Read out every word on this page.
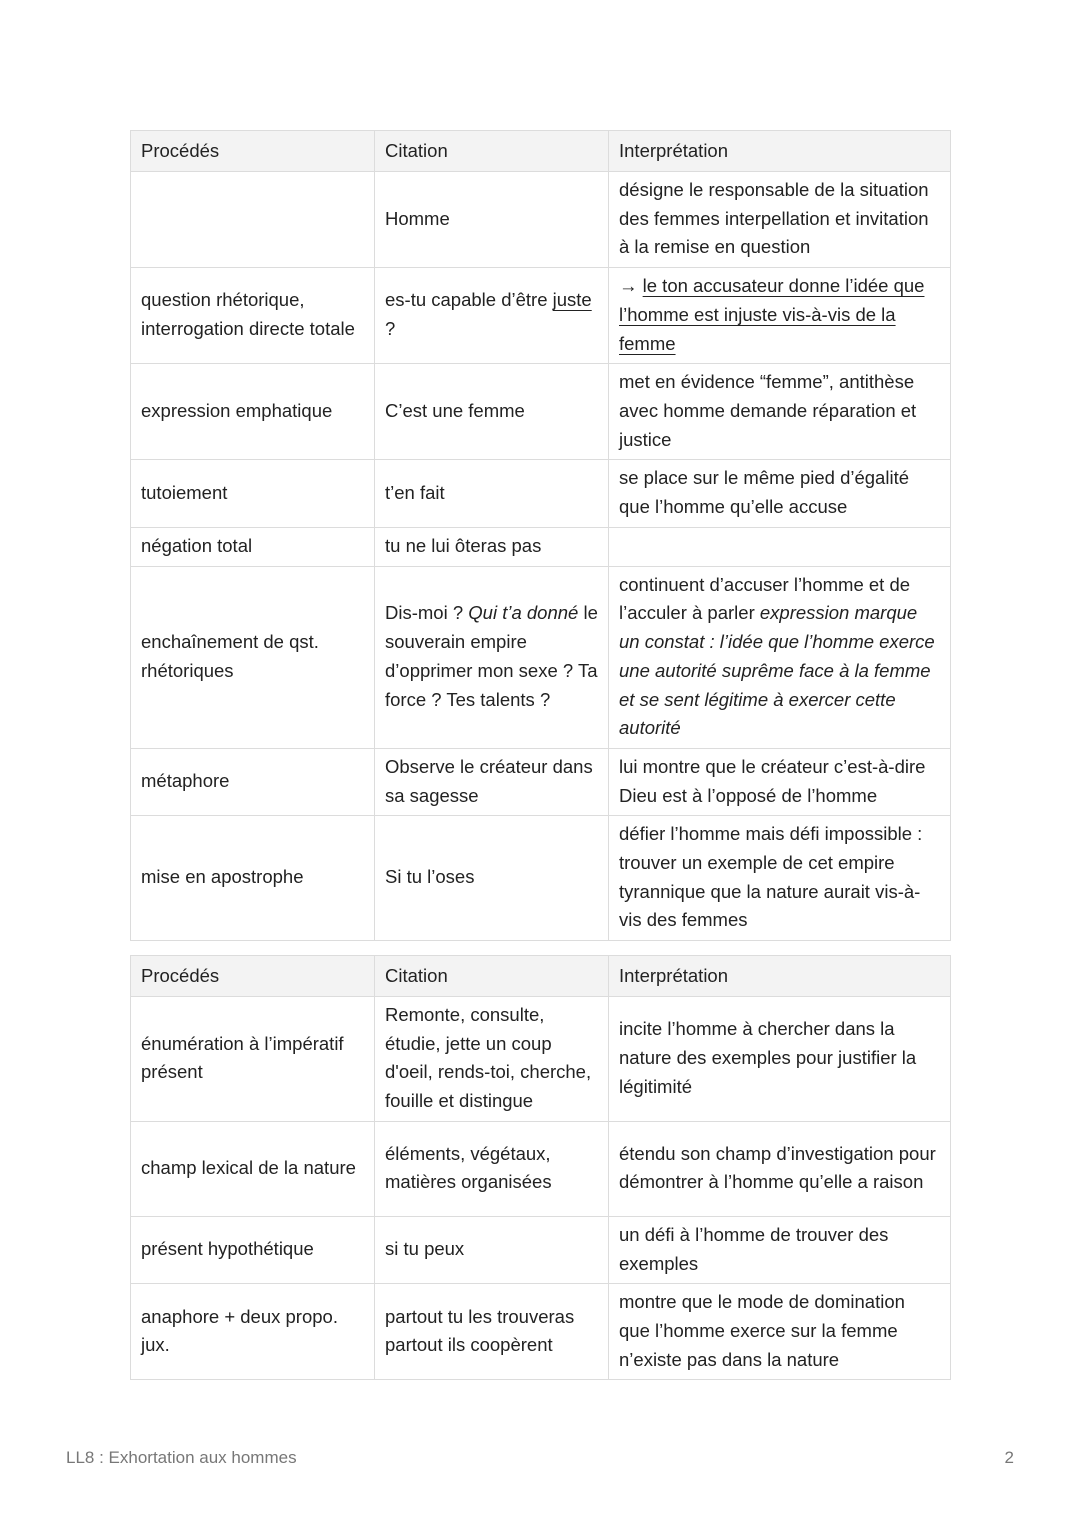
Procédés	Citation	Interprétation
	Homme	désigne le responsable de la situation des femmes interpellation et invitation à la remise en question
question rhétorique, interrogation directe totale	es-tu capable d’être juste ?	→ le ton accusateur donne l’idée que l’homme est injuste vis-à-vis de la femme
expression emphatique	C’est une femme	met en évidence “femme”, antithèse avec homme demande réparation et justice
tutoiement	t’en fait	se place sur le même pied d’égalité que l’homme qu’elle accuse
négation total	tu ne lui ôteras pas	
enchaînement de qst. rhétoriques	Dis-moi ? Qui t’a donné le souverain empire d’opprimer mon sexe ? Ta force ? Tes talents ?	continuent d’accuser l’homme et de l’acculer à parler expression marque un constat : l’idée que l’homme exerce une autorité suprême face à la femme et se sent légitime à exercer cette autorité
métaphore	Observe le créateur dans sa sagesse	lui montre que le créateur c’est-à-dire Dieu est à l’opposé de l’homme
mise en apostrophe	Si tu l’oses	défier l’homme mais défi impossible : trouver un exemple de cet empire tyrannique que la nature aurait vis-à-vis des femmes
Procédés	Citation	Interprétation
énumération à l’impératif présent	Remonte, consulte, étudie, jette un coup d'oeil, rends-toi, cherche, fouille et distingue	incite l’homme à chercher dans la nature des exemples pour justifier la légitimité
champ lexical de la nature	éléments, végétaux, matières organisées	étendu son champ d’investigation pour démontrer à l’homme qu’elle a raison
présent hypothétique	si tu peux	un défi à l’homme de trouver des exemples
anaphore + deux propo. jux.	partout tu les trouveras partout ils coopèrent	montre que le mode de domination que l’homme exerce sur la femme n’existe pas dans la nature
LL8 : Exhortation aux hommes	2
